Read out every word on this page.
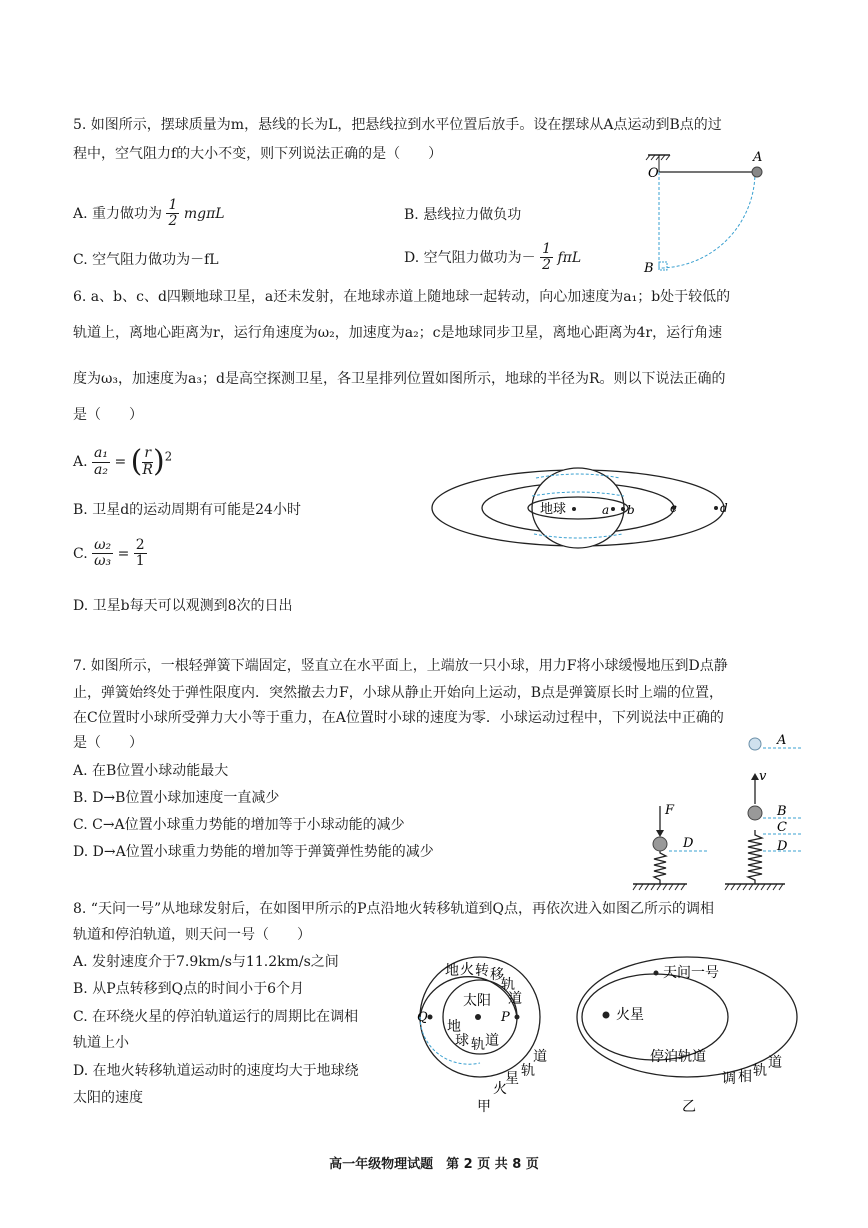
5. 如图所示，摆球质量为m，悬线的长为L，把悬线拉到水平位置后放手。设在摆球从A点运动到B点的过
程中，空气阻力f的大小不变，则下列说法正确的是（　　）
A. 重力做功为 $\frac{1}{2}$ mgπL	B. 悬线拉力做负功
C. 空气阻力做功为－fL	D. 空气阻力做功为－ $\frac{1}{2}$ fπL
O
A
B
6. a、b、c、d四颗地球卫星，a还未发射，在地球赤道上随地球一起转动，向心加速度为a₁；b处于较低的
轨道上，离地心距离为r，运行角速度为ω₂，加速度为a₂；c是地球同步卫星，离地心距离为4r，运行角速
度为ω₃，加速度为a₃；d是高空探测卫星，各卫星排列位置如图所示，地球的半径为R。则以下说法正确的
是（　　）
A. $\frac{\text{a₁}}{\text{a₂}}$ = ( $\frac{r}{R} )^2$
B. 卫星d的运动周期有可能是24小时
C. $\frac{\text{ω₂}}{\text{ω₃}} = \frac{2}{1}$
D. 卫星b每天可以观测到8次的日出
地球	a b	c	d
7. 如图所示，一根轻弹簧下端固定，竖直立在水平面上，上端放一只小球，用力F将小球缓慢地压到D点静
止，弹簧始终处于弹性限度内．突然撤去力F，小球从静止开始向上运动，B点是弹簧原长时上端的位置，
在C位置时小球所受弹力大小等于重力，在A位置时小球的速度为零．小球运动过程中，下列说法中正确的
是（　　）
A. 在B位置小球动能最大
B. D→B位置小球加速度一直减少
C. C→A位置小球重力势能的增加等于小球动能的减少
D. D→A位置小球重力势能的增加等于弹簧弹性势能的减少
F
D
v
A
B
C
D
8. “天问一号”从地球发射后，在如图甲所示的P点沿地火转移轨道到Q点，再依次进入如图乙所示的调相
轨道和停泊轨道，则天问一号（　　）
A. 发射速度介于7.9km/s与11.2km/s之间
B. 从P点转移到Q点的时间小于6个月
C. 在环绕火星的停泊轨道运行的周期比在调相
轨道上小
D. 在地火转移轨道运动时的速度均大于地球绕
太阳的速度
太阳
Q	P
地 火 转 移
轨
道
地
球 轨 道
火
星 轨
道
甲
火星
天问一号
停泊轨道
调 相 轨 道
乙
高一年级物理试题　第 2 页 共 8 页
